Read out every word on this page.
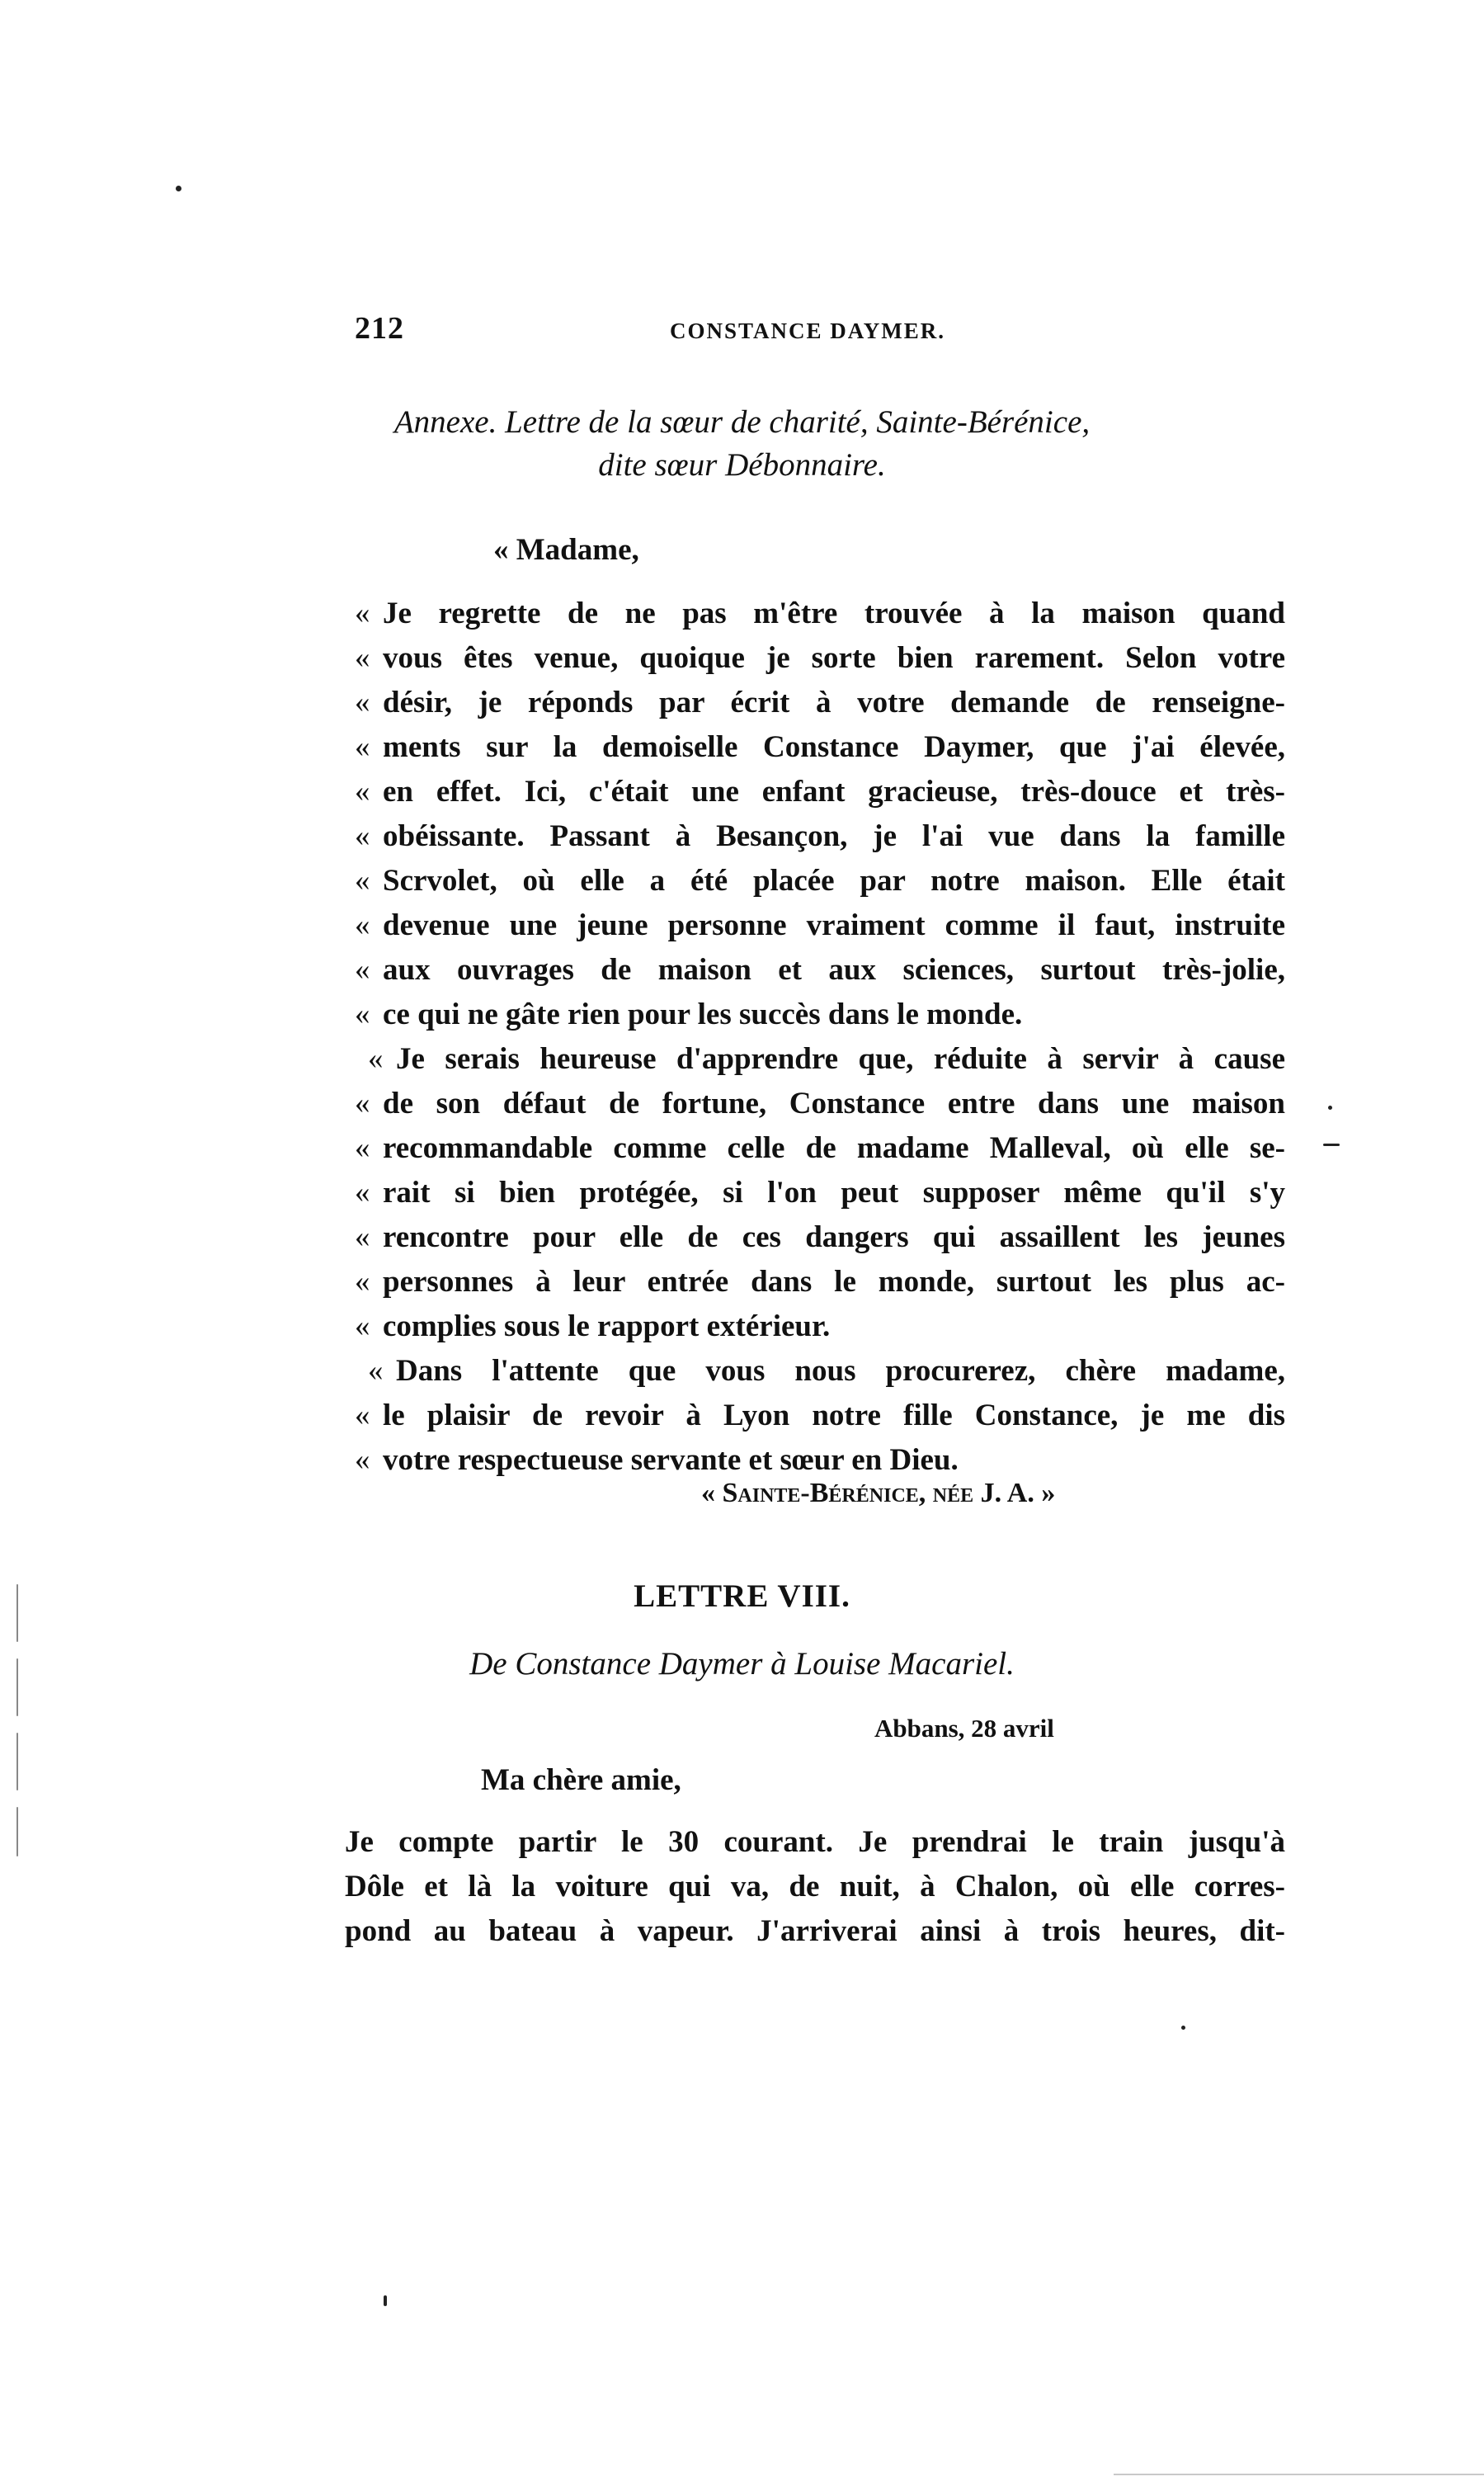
212	CONSTANCE DAYMER.
Annexe. Lettre de la sœur de charité, Sainte-Bérénice,
dite sœur Débonnaire.
« Madame,
« Je regrette de ne pas m'être trouvée à la maison quand
« vous êtes venue, quoique je sorte bien rarement. Selon votre
« désir, je réponds par écrit à votre demande de renseigne-
« ments sur la demoiselle Constance Daymer, que j'ai élevée,
« en effet. Ici, c'était une enfant gracieuse, très-douce et très-
« obéissante. Passant à Besançon, je l'ai vue dans la famille
« Scrvolet, où elle a été placée par notre maison. Elle était
« devenue une jeune personne vraiment comme il faut, instruite
« aux ouvrages de maison et aux sciences, surtout très-jolie,
« ce qui ne gâte rien pour les succès dans le monde.
« Je serais heureuse d'apprendre que, réduite à servir à cause
« de son défaut de fortune, Constance entre dans une maison
« recommandable comme celle de madame Malleval, où elle se-
« rait si bien protégée, si l'on peut supposer même qu'il s'y
« rencontre pour elle de ces dangers qui assaillent les jeunes
« personnes à leur entrée dans le monde, surtout les plus ac-
« complies sous le rapport extérieur.
« Dans l'attente que vous nous procurerez, chère madame,
« le plaisir de revoir à Lyon notre fille Constance, je me dis
« votre respectueuse servante et sœur en Dieu.
« Sainte-Bérénice, née J. A. »
LETTRE VIII.
De Constance Daymer à Louise Macariel.
Abbans, 28 avril
Ma chère amie,
Je compte partir le 30 courant. Je prendrai le train jusqu'à
Dôle et là la voiture qui va, de nuit, à Chalon, où elle corres-
pond au bateau à vapeur. J'arriverai ainsi à trois heures, dit-
